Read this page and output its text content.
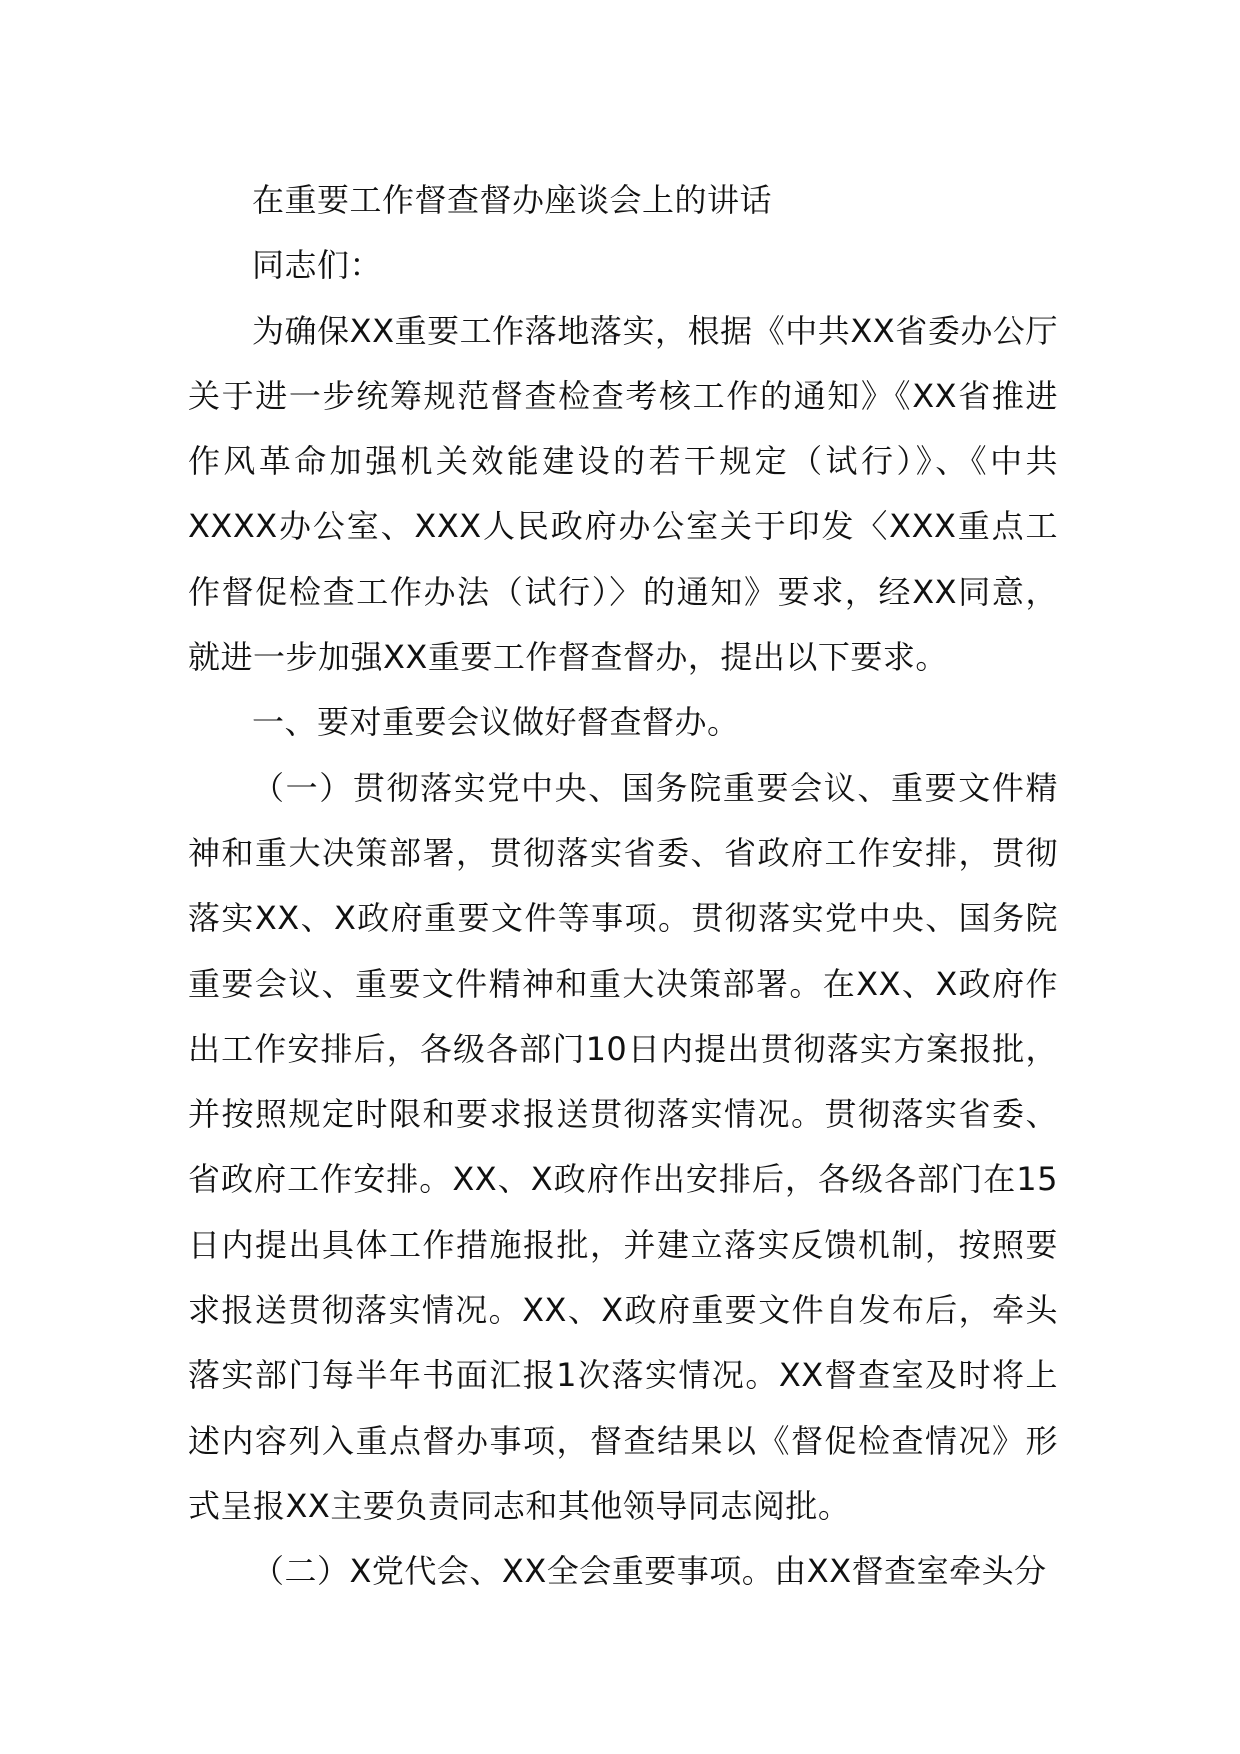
在重要工作督查督办座谈会上的讲话

同志们：

为确保XX重要工作落地落实，根据《中共XX省委办公厅关于进一步统筹规范督查检查考核工作的通知》《XX省推进作风革命加强机关效能建设的若干规定（试行）》、《中共XXXX办公室、XXX人民政府办公室关于印发〈XXX重点工作督促检查工作办法（试行）〉的通知》要求，经XX同意，就进一步加强XX重要工作督查督办，提出以下要求。

一、要对重要会议做好督查督办。

（一）贯彻落实党中央、国务院重要会议、重要文件精神和重大决策部署，贯彻落实省委、省政府工作安排，贯彻落实XX、X政府重要文件等事项。贯彻落实党中央、国务院重要会议、重要文件精神和重大决策部署。在XX、X政府作出工作安排后，各级各部门10日内提出贯彻落实方案报批，并按照规定时限和要求报送贯彻落实情况。贯彻落实省委、省政府工作安排。XX、X政府作出安排后，各级各部门在15日内提出具体工作措施报批，并建立落实反馈机制，按照要求报送贯彻落实情况。XX、X政府重要文件自发布后，牵头落实部门每半年书面汇报1次落实情况。XX督查室及时将上述内容列入重点督办事项，督查结果以《督促检查情况》形式呈报XX主要负责同志和其他领导同志阅批。

（二）X党代会、XX全会重要事项。由XX督查室牵头分
